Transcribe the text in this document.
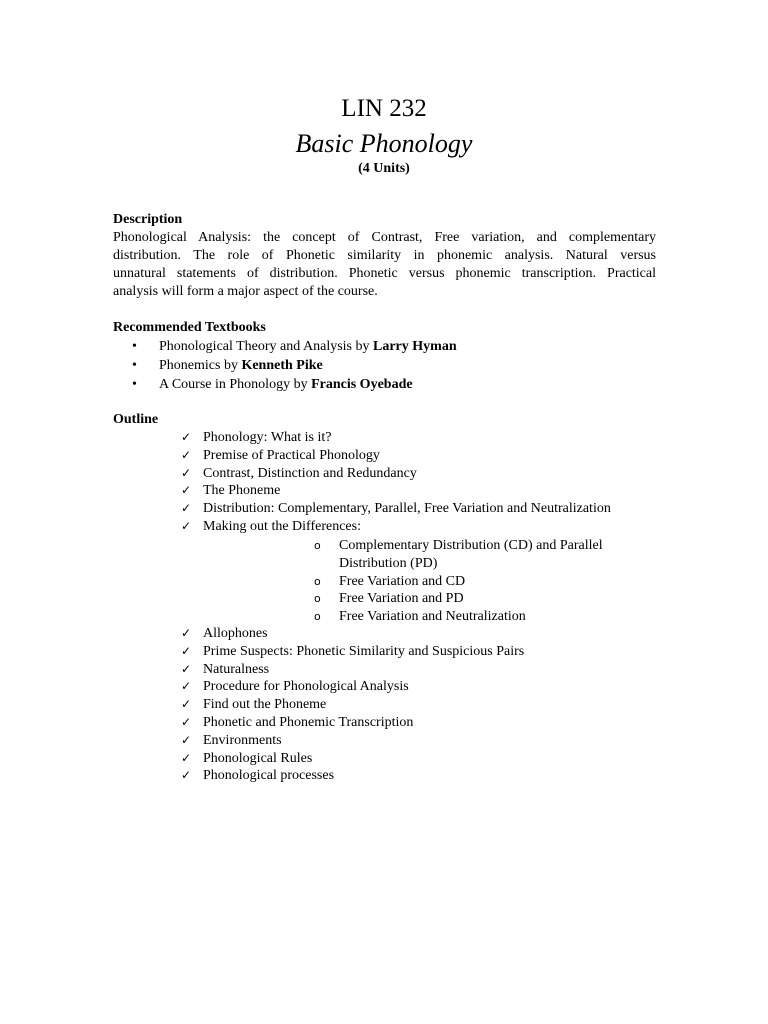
LIN 232
Basic Phonology
(4 Units)
Description
Phonological Analysis: the concept of Contrast, Free variation, and complementary
distribution. The role of Phonetic similarity in phonemic analysis. Natural versus
unnatural statements of distribution. Phonetic versus phonemic transcription. Practical
analysis will form a major aspect of the course.
Recommended Textbooks
• Phonological Theory and Analysis by Larry Hyman
• Phonemics by Kenneth Pike
• A Course in Phonology by Francis Oyebade
Outline
✓ Phonology: What is it?
✓ Premise of Practical Phonology
✓ Contrast, Distinction and Redundancy
✓ The Phoneme
✓ Distribution: Complementary, Parallel, Free Variation and Neutralization
✓ Making out the Differences:
o Complementary Distribution (CD) and Parallel Distribution (PD)
o Free Variation and CD
o Free Variation and PD
o Free Variation and Neutralization
✓ Allophones
✓ Prime Suspects: Phonetic Similarity and Suspicious Pairs
✓ Naturalness
✓ Procedure for Phonological Analysis
✓ Find out the Phoneme
✓ Phonetic and Phonemic Transcription
✓ Environments
✓ Phonological Rules
✓ Phonological processes
